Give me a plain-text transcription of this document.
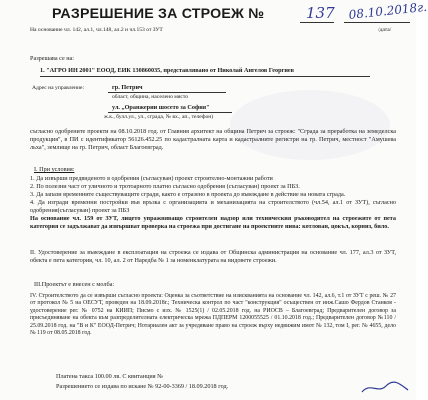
РАЗРЕШЕНИЕ ЗА СТРОЕЖ №	137 08.10.2018г.
На основание чл. 142, ал.1, чл.148, ал.2 и чл.153 от ЗУТ	/дата/
Разрешава се на:
1. "АГРО ИН 2001" ЕООД, ЕИК 130860035, представлявано от Николай Ангелов Георгиев
Адрес на управление:	гр. Петрич
област, община, населено място
ул. „Оранжерии шосето за София"
ж.к., булл.ул., ул., сграда, № вх., ап., телефон)
съгласно одобрените проекти на 08.10.2018 год. от Главния архитект на община Петрич за строеж: "Сграда за преработка на земеделска продукция", в ПИ с идентификатор 56126.452.25 по кадастралната карта и кадастралните регистри на гр. Петрич, местност "Амушева льха", землище на гр. Петрич, област Благоевград.
I. При условия:
1. Да извърши предвиденото в одобрения (съгласуван) проект строително-монтажни работи
2. По полезни част от уличното и тротоарното платно съгласно одобрения (съгласуван) проект за ПБЗ.
3. Да запази временните съществуващите сгради, както е отразено в проекта до въвеждане в действие на новата сграда.
4. Да изгради временни постройки във връзка с организацията и механизацията на строителството (чл.54, ал.1 от ЗУТ), съгласно одобрения(съгласуван) проект за ПБЗ
На основание чл. 159 от ЗУТ, лицето упражняващо строителен надзор или техническия ръководител на строежите от пета категория се задължават да извършват проверка на строежа при достигане на проектните нива: котлован, цокъл, корниз, било.
II. Удостоверение за въвеждане в експлоатация на строежа се издава от Общинска администрация на основание чл. 177, ал.3 от ЗУТ, обекта е пета категория, чл. 10, ал. 2 от Наредба № 1 за номенклатурата на видовете строежи.
III.Проектът е внесен с молба:
IV. Строителството да се извърши съгласно проекта: Оценка за съответствие на изискванията на основание чл. 142, ал.6, т.1 от ЗУТ с реш. № 27 от протокол № 5 на ОЕСУТ, проведен на 18.09.2018г.; Техническа контрол по част "конструкция" осъществен от инж.Сашо Фердов Станков - удостоверение рег. № 0752 на КИИП; Писмо с изх. № 1525(1) / 02.05.2018 год. на РИОСВ – Благоевград; Предварителен договор за присъединяване на обекта към разпределителната електрическа мрежа ПДПЕРМ 1200055525 / 01.10.2018 год.; Предварителен договор №110 / 25.09.2018 год. на "В и К" ЕООД-Петрич; Нотариален акт за учредяване право на строеж върху недвижим имот № 132, том I, рег. № 4655, дело № 119 от 08.05.2018 год.
Платена такса 100.00 лв. С квитанция №
Разрешението се издава по искане № 92-00-3369 / 18.09.2018 год.
